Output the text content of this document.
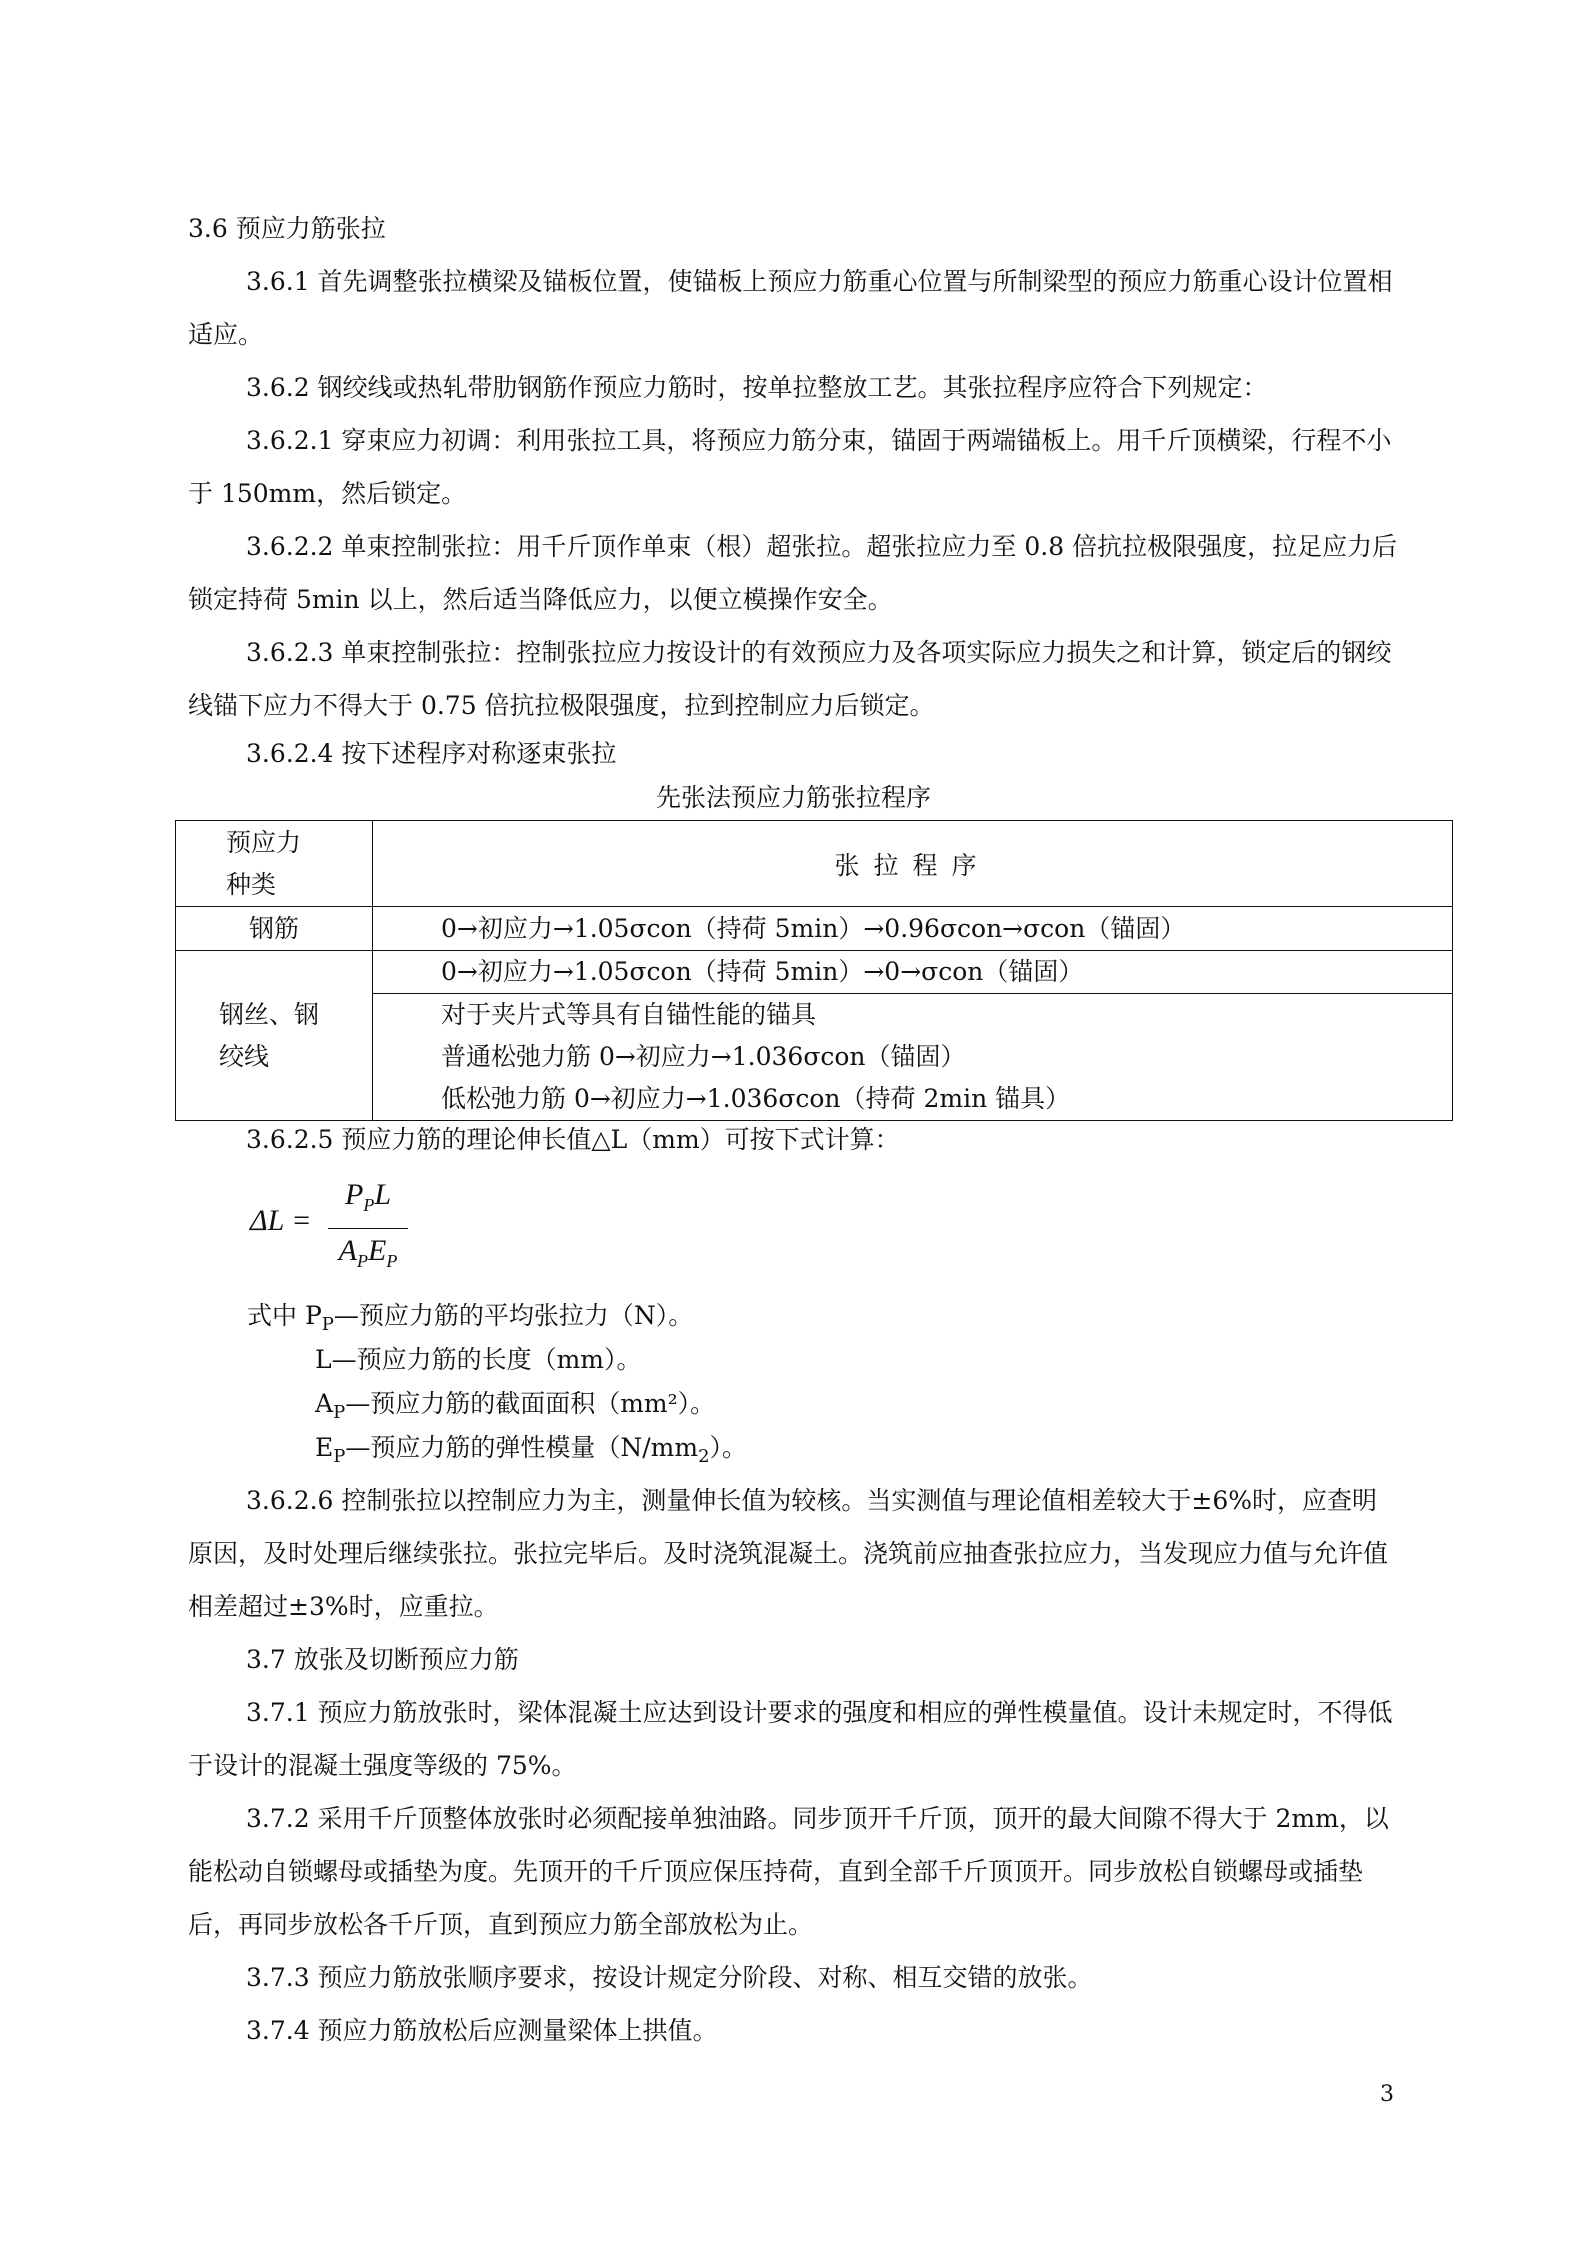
3.6 预应力筋张拉

3.6.1 首先调整张拉横梁及锚板位置，使锚板上预应力筋重心位置与所制梁型的预应力筋重心设计位置相适应。

3.6.2 钢绞线或热轧带肋钢筋作预应力筋时，按单拉整放工艺。其张拉程序应符合下列规定：

3.6.2.1 穿束应力初调：利用张拉工具，将预应力筋分束，锚固于两端锚板上。用千斤顶横梁，行程不小于 150mm，然后锁定。

3.6.2.2 单束控制张拉：用千斤顶作单束（根）超张拉。超张拉应力至 0.8 倍抗拉极限强度，拉足应力后锁定持荷 5min 以上，然后适当降低应力，以便立模操作安全。

3.6.2.3 单束控制张拉：控制张拉应力按设计的有效预应力及各项实际应力损失之和计算，锁定后的钢绞线锚下应力不得大于 0.75 倍抗拉极限强度，拉到控制应力后锁定。

3.6.2.4 按下述程序对称逐束张拉

先张法预应力筋张拉程序
预应力种类	张拉程序
钢筋	0→初应力→1.05σcon（持荷 5min）→0.96σcon→σcon（锚固）
钢丝、钢绞线	0→初应力→1.05σcon（持荷 5min）→0→σcon（锚固）
对于夹片式等具有自锚性能的锚具
普通松弛力筋 0→初应力→1.036σcon（锚固）
低松弛力筋 0→初应力→1.036σcon（持荷 2min 锚具）

3.6.2.5 预应力筋的理论伸长值△L（mm）可按下式计算：

ΔL =
$P_PL$
$A_PE_P$
式中 $P_P—$预应力筋的平均张拉力（N）。
L—预应力筋的长度（mm）。
$A_P—$预应力筋的截面面积（mm²）。
$E_P—$预应力筋的弹性模量$(N/mm_2)$。

3.6.2.6 控制张拉以控制应力为主，测量伸长值为较核。当实测值与理论值相差较大于±6%时，应查明原因，及时处理后继续张拉。张拉完毕后。及时浇筑混凝土。浇筑前应抽查张拉应力，当发现应力值与允许值相差超过±3%时，应重拉。

3.7 放张及切断预应力筋

3.7.1 预应力筋放张时，梁体混凝土应达到设计要求的强度和相应的弹性模量值。设计未规定时，不得低于设计的混凝土强度等级的 75%。

3.7.2 采用千斤顶整体放张时必须配接单独油路。同步顶开千斤顶，顶开的最大间隙不得大于 2mm，以能松动自锁螺母或插垫为度。先顶开的千斤顶应保压持荷，直到全部千斤顶顶开。同步放松自锁螺母或插垫后，再同步放松各千斤顶，直到预应力筋全部放松为止。

3.7.3 预应力筋放张顺序要求，按设计规定分阶段、对称、相互交错的放张。

3.7.4 预应力筋放松后应测量梁体上拱值。

3
